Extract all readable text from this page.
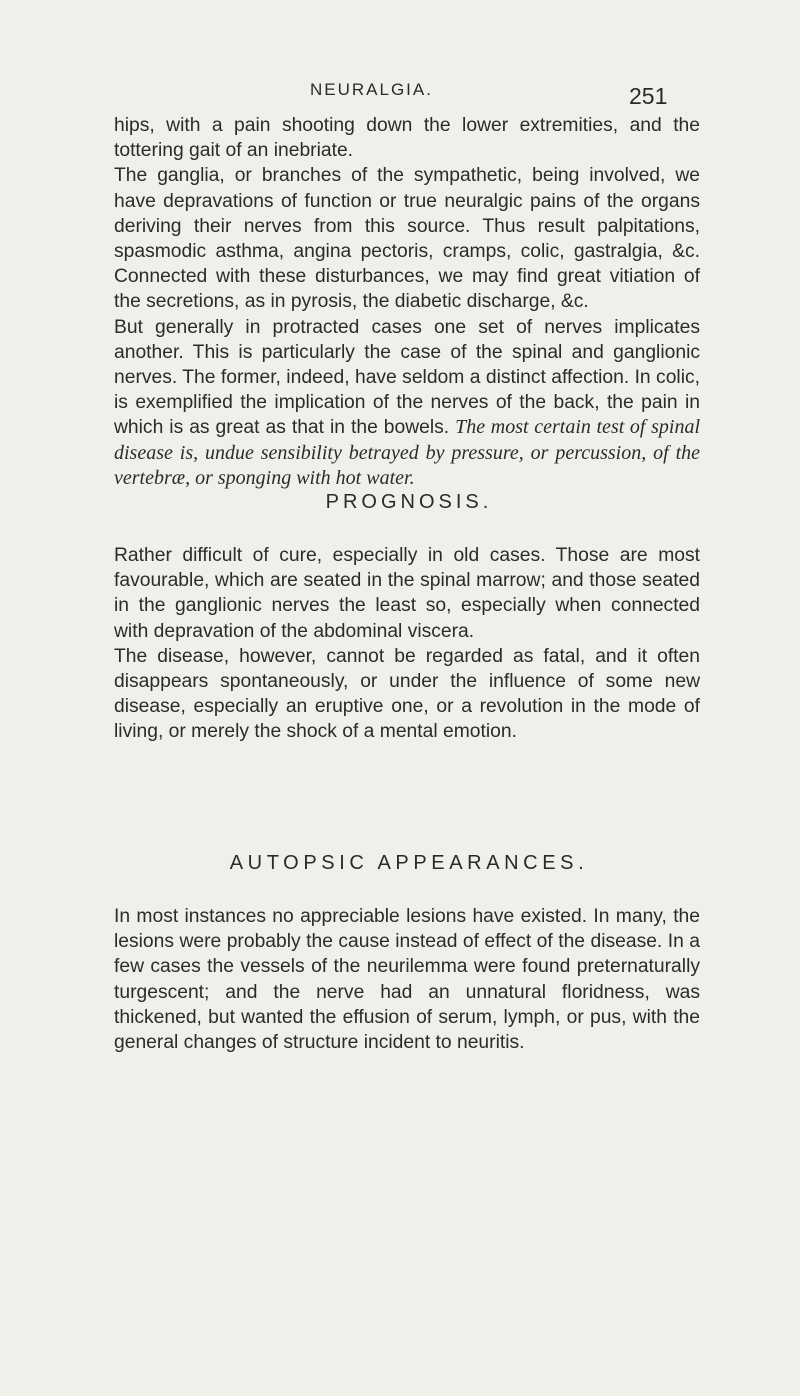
NEURALGIA.	251

hips, with a pain shooting down the lower extremities, and the tottering gait of an inebriate.

The ganglia, or branches of the sympathetic, being involved, we have depravations of function or true neuralgic pains of the organs deriving their nerves from this source. Thus result palpitations, spasmodic asthma, angina pectoris, cramps, colic, gastralgia, &c. Connected with these disturbances, we may find great vitiation of the secretions, as in pyrosis, the diabetic discharge, &c.

But generally in protracted cases one set of nerves implicates another. This is particularly the case of the spinal and ganglionic nerves. The former, indeed, have seldom a distinct affection. In colic, is exemplified the implication of the nerves of the back, the pain in which is as great as that in the bowels. The most certain test of spinal disease is, undue sensibility betrayed by pressure, or percussion, of the vertebræ, or sponging with hot water.

PROGNOSIS.

Rather difficult of cure, especially in old cases. Those are most favourable, which are seated in the spinal marrow; and those seated in the ganglionic nerves the least so, especially when connected with depravation of the abdominal viscera.

The disease, however, cannot be regarded as fatal, and it often disappears spontaneously, or under the influence of some new disease, especially an eruptive one, or a revolution in the mode of living, or merely the shock of a mental emotion.

AUTOPSIC APPEARANCES.

In most instances no appreciable lesions have existed. In many, the lesions were probably the cause instead of effect of the disease. In a few cases the vessels of the neurilemma were found preternaturally turgescent; and the nerve had an unnatural floridness, was thickened, but wanted the effusion of serum, lymph, or pus, with the general changes of structure incident to neuritis.
